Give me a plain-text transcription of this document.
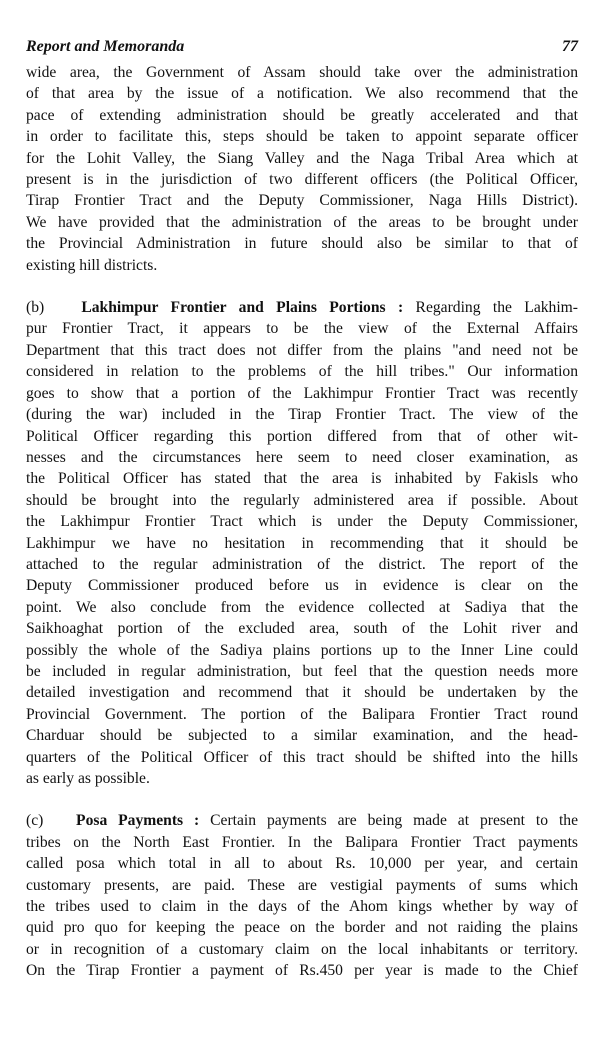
Report and Memoranda	77

wide area, the Government of Assam should take over the administration
of that area by the issue of a notification. We also recommend that the
pace of extending administration should be greatly accelerated and that
in order to facilitate this, steps should be taken to appoint separate officer
for the Lohit Valley, the Siang Valley and the Naga Tribal Area which at
present is in the jurisdiction of two different officers (the Political Officer,
Tirap Frontier Tract and the Deputy Commissioner, Naga Hills District).
We have provided that the administration of the areas to be brought under
the Provincial Administration in future should also be similar to that of
existing hill districts.

(b) Lakhimpur Frontier and Plains Portions : Regarding the Lakhim-
pur Frontier Tract, it appears to be the view of the External Affairs
Department that this tract does not differ from the plains "and need not be
considered in relation to the problems of the hill tribes." Our information
goes to show that a portion of the Lakhimpur Frontier Tract was recently
(during the war) included in the Tirap Frontier Tract. The view of the
Political Officer regarding this portion differed from that of other wit-
nesses and the circumstances here seem to need closer examination, as
the Political Officer has stated that the area is inhabited by Fakisls who
should be brought into the regularly administered area if possible. About
the Lakhimpur Frontier Tract which is under the Deputy Commissioner,
Lakhimpur we have no hesitation in recommending that it should be
attached to the regular administration of the district. The report of the
Deputy Commissioner produced before us in evidence is clear on the
point. We also conclude from the evidence collected at Sadiya that the
Saikhoaghat portion of the excluded area, south of the Lohit river and
possibly the whole of the Sadiya plains portions up to the Inner Line could
be included in regular administration, but feel that the question needs more
detailed investigation and recommend that it should be undertaken by the
Provincial Government. The portion of the Balipara Frontier Tract round
Charduar should be subjected to a similar examination, and the head-
quarters of the Political Officer of this tract should be shifted into the hills
as early as possible.

(c) Posa Payments : Certain payments are being made at present to the
tribes on the North East Frontier. In the Balipara Frontier Tract payments
called posa which total in all to about Rs. 10,000 per year, and certain
customary presents, are paid. These are vestigial payments of sums which
the tribes used to claim in the days of the Ahom kings whether by way of
quid pro quo for keeping the peace on the border and not raiding the plains
or in recognition of a customary claim on the local inhabitants or territory.
On the Tirap Frontier a payment of Rs.450 per year is made to the Chief
